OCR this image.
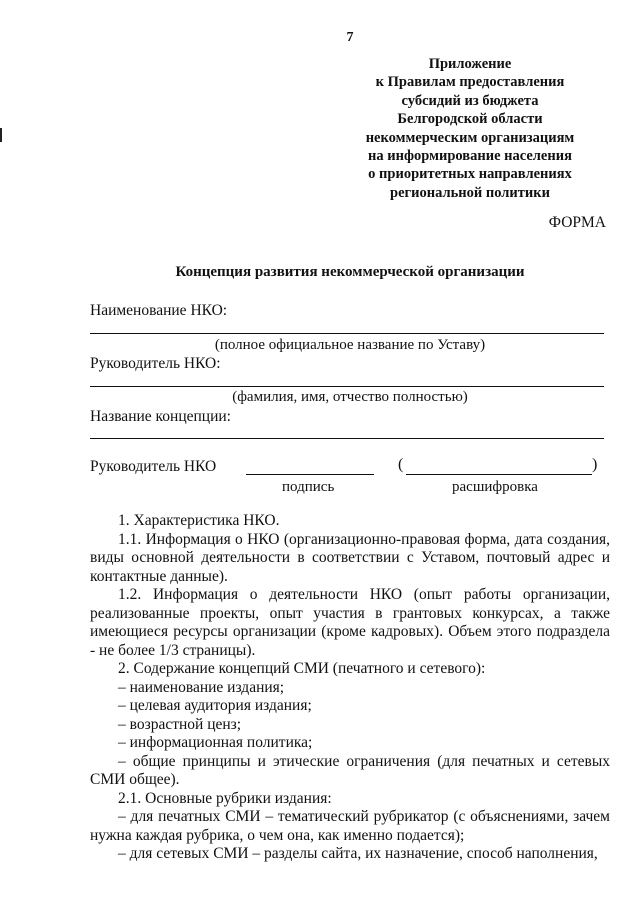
7
Приложение
к Правилам предоставления
субсидий из бюджета
Белгородской области
некоммерческим организациям
на информирование населения
о приоритетных направлениях
региональной политики
ФОРМА
Концепция развития некоммерческой организации
Наименование НКО:
(полное официальное название по Уставу)
Руководитель НКО:
(фамилия, имя, отчество полностью)
Название концепции:
Руководитель НКО	(	)
подпись	расшифровка

1. Характеристика НКО.

1.1. Информация о НКО (организационно-правовая форма, дата создания, виды основной деятельности в соответствии с Уставом, почтовый адрес и контактные данные).

1.2. Информация о деятельности НКО (опыт работы организации, реализованные проекты, опыт участия в грантовых конкурсах, а также имеющиеся ресурсы организации (кроме кадровых). Объем этого подраздела - не более 1/3 страницы).

2. Содержание концепций СМИ (печатного и сетевого):

– наименование издания;

– целевая аудитория издания;

– возрастной ценз;

– информационная политика;

– общие принципы и этические ограничения (для печатных и сетевых СМИ общее).

2.1. Основные рубрики издания:

– для печатных СМИ – тематический рубрикатор (с объяснениями, зачем нужна каждая рубрика, о чем она, как именно подается);

– для сетевых СМИ – разделы сайта, их назначение, способ наполнения,
